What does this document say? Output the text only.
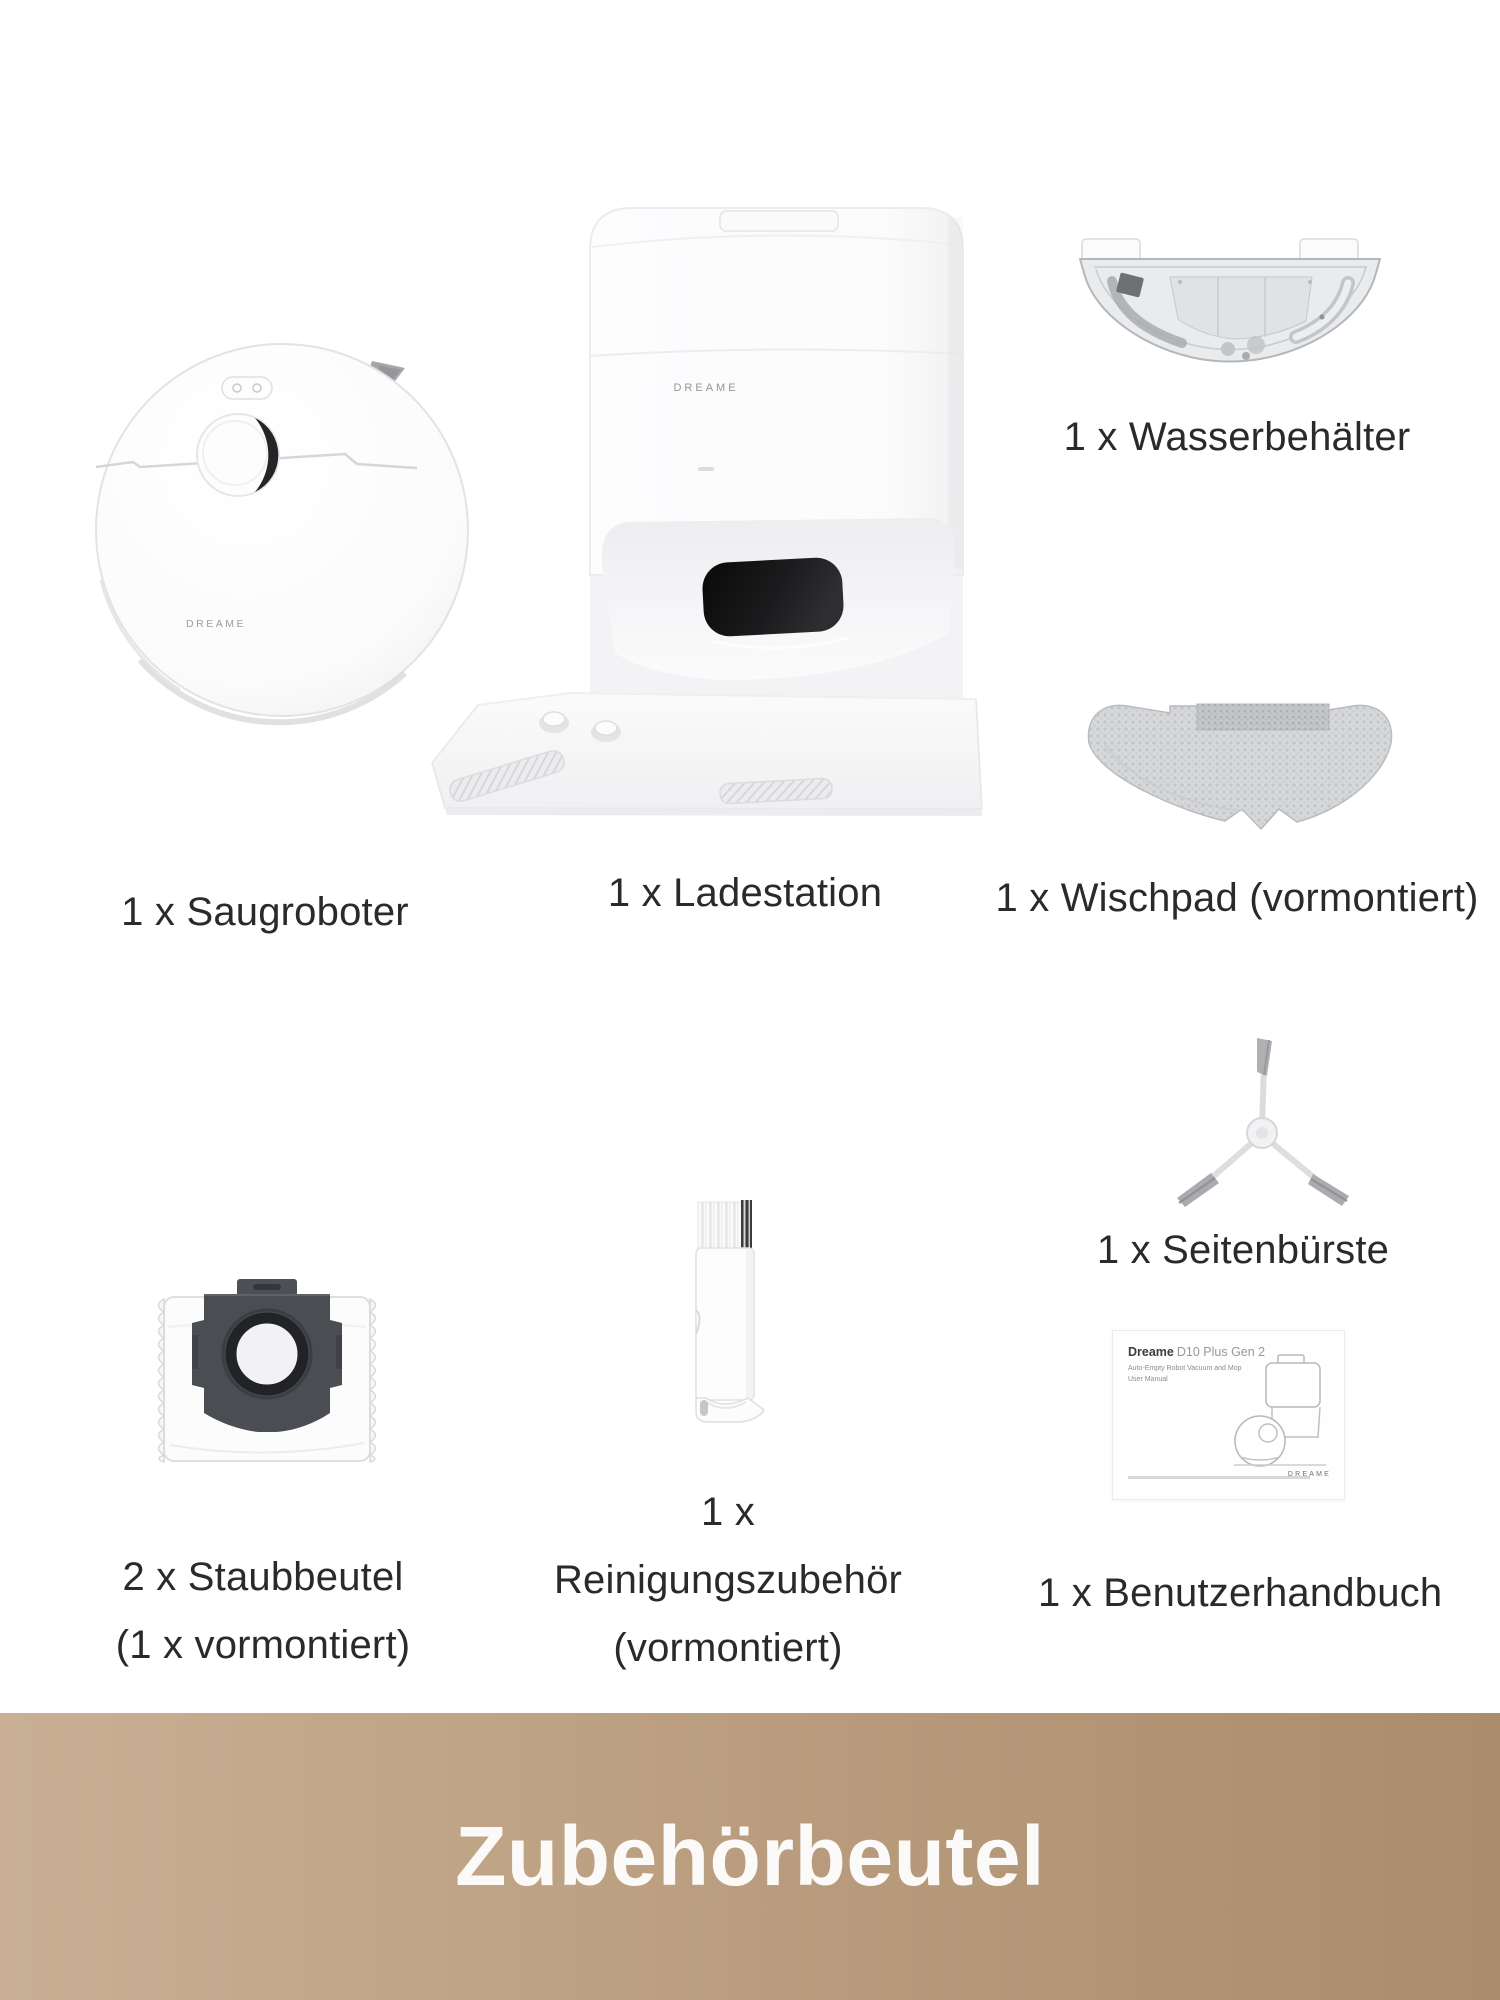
DREAME
DREAME
Dreame D10 Plus Gen 2
Auto-Empty Robot Vacuum and Mop
User Manual
DREAME
1 x Saugroboter	1 x Ladestation
1 x Wasserbehälter
1 x Wischpad (vormontiert)
1 x Seitenbürste
2 x Staubbeutel
(1 x vormontiert)
1 x Reinigungszubehör
(vormontiert)
1 x Benutzerhandbuch
Zubehörbeutel
